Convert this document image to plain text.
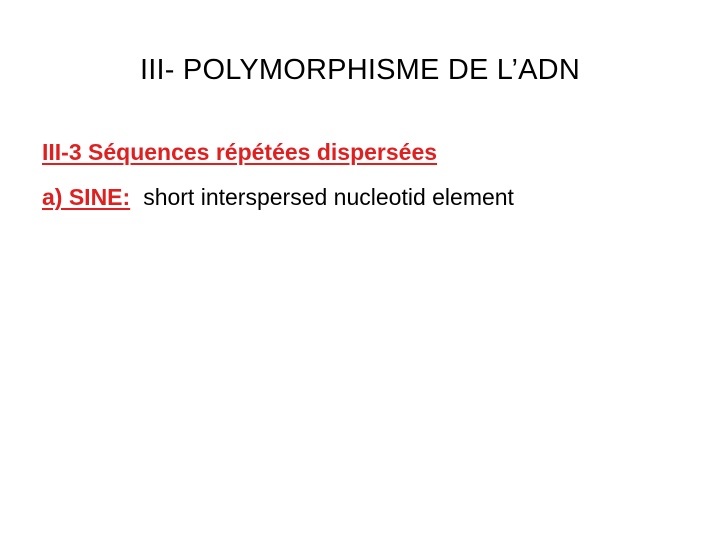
III- POLYMORPHISME DE L’ADN

III-3 Séquences répétées dispersées

a) SINE: short interspersed nucleotid element
